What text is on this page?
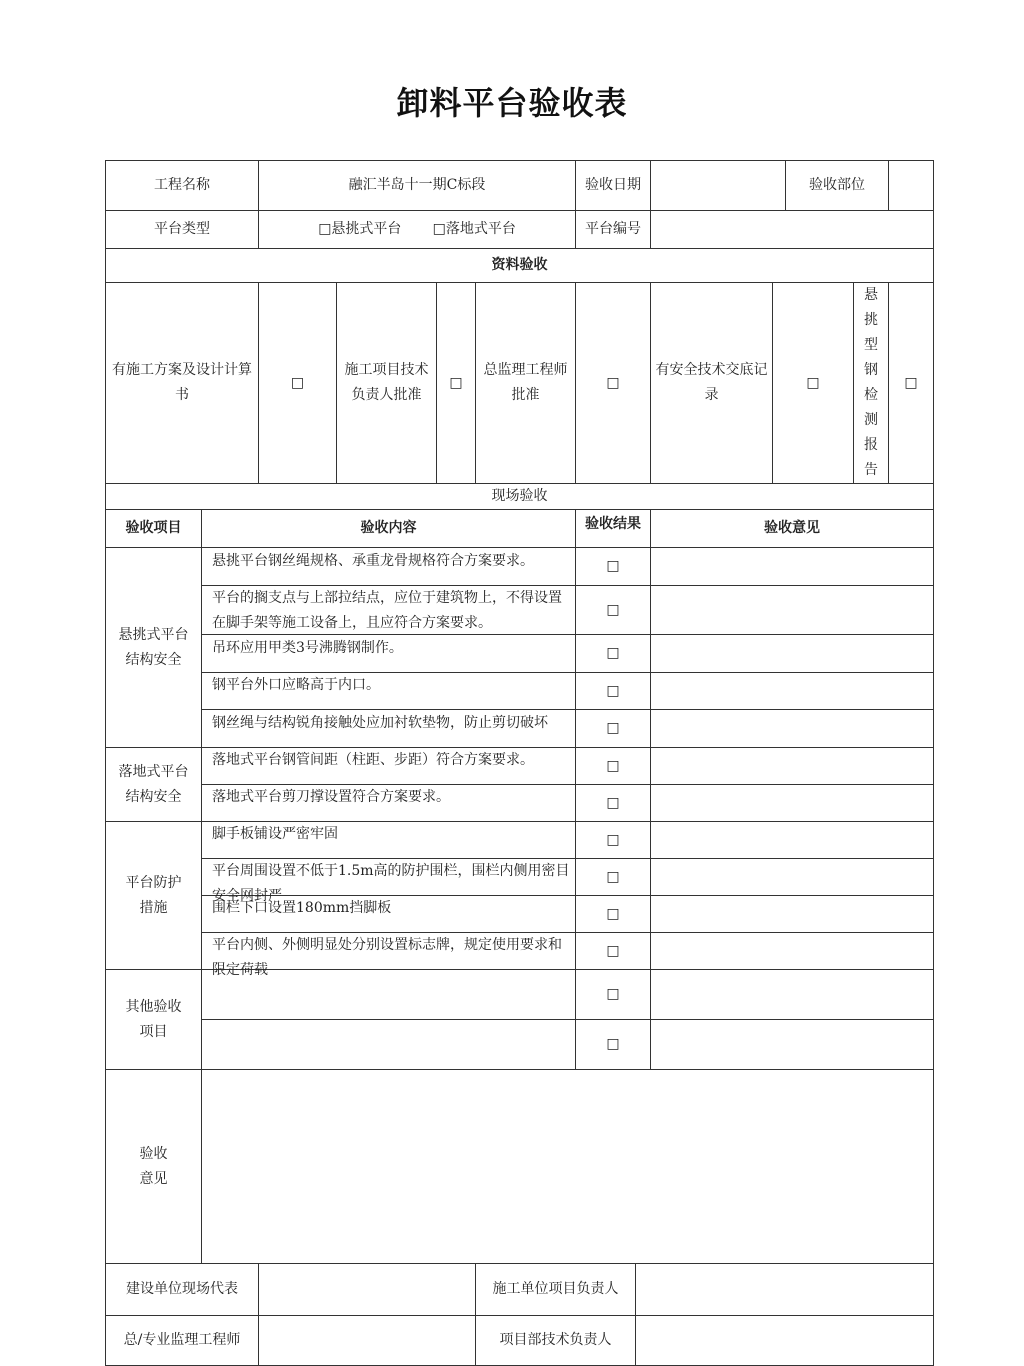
卸料平台验收表
工程名称		融汇半岛十一期C标段				验收日期				验收部位		
平台类型		□悬挑式平台 □落地式平台				平台编号						
资料验收												
有施工方案及设计计算书		□	施工项目技术负责人批准	□	总监理工程师批准	□		有安全技术交底记录	□		悬挑型钢检测报告	□
现场验收												
验收项目	验收内容					验收结果		验收意见				

悬挑式平台结构安全	悬挑平台钢丝绳规格、承重龙骨规格符合方案要求。					□						

	平台的搁支点与上部拉结点，应位于建筑物上，不得设置在脚手架等施工设备上，且应符合方案要求。					□						

	吊环应用甲类3号沸腾钢制作。					□						

	钢平台外口应略高于内口。					□						

	钢丝绳与结构锐角接触处应加衬软垫物，防止剪切破坏					□						

落地式平台结构安全	落地式平台钢管间距（柱距、步距）符合方案要求。					□						

	落地式平台剪刀撑设置符合方案要求。					□						

平台防护措施	脚手板铺设严密牢固					□						

	平台周围设置不低于1.5m高的防护围栏，围栏内侧用密目安全网封严					□						

	围栏下口设置180mm挡脚板					□						

	平台内侧、外侧明显处分别设置标志牌，规定使用要求和限定荷载					□						

其他验收项目						□						
						□						

验收意见												

建设单位现场代表					施工单位项目负责人							
总/专业监理工程师					项目部技术负责人							
